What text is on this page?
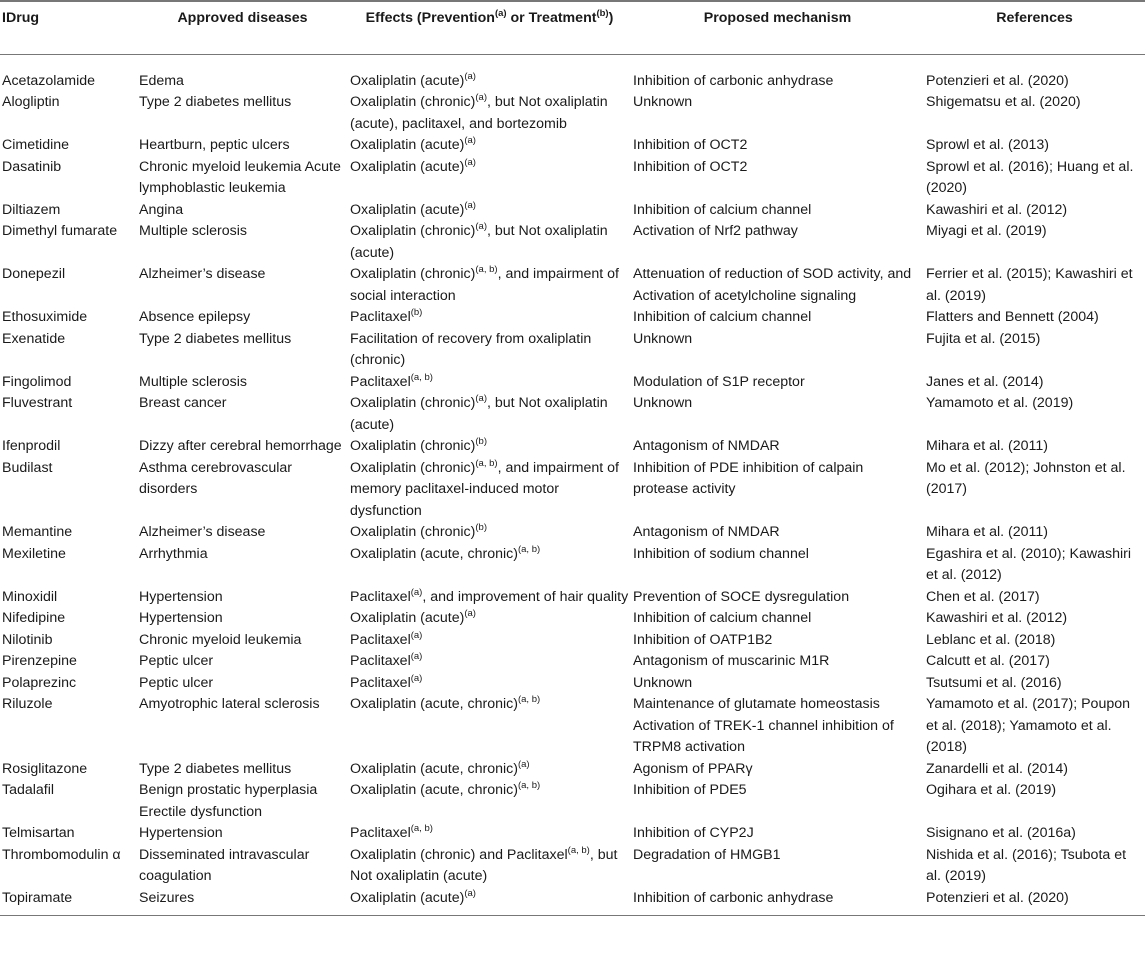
IDrug	Approved diseases	Effects (Prevention$^{(a)}$ or Treatment$^{(b)}$)	Proposed mechanism	References
Acetazolamide	Edema	Oxaliplatin (acute)$^{(a)}$	Inhibition of carbonic anhydrase	Potenzieri et al. (2020)
Alogliptin	Type 2 diabetes mellitus	Oxaliplatin (chronic)$^{(a)}$, but Not oxaliplatin (acute), paclitaxel, and bortezomib	Unknown	Shigematsu et al. (2020)
Cimetidine	Heartburn, peptic ulcers	Oxaliplatin (acute)$^{(a)}$	Inhibition of OCT2	Sprowl et al. (2013)
Dasatinib	Chronic myeloid leukemia Acute lymphoblastic leukemia	Oxaliplatin (acute)$^{(a)}$	Inhibition of OCT2	Sprowl et al. (2016); Huang et al. (2020)
Diltiazem	Angina	Oxaliplatin (acute)$^{(a)}$	Inhibition of calcium channel	Kawashiri et al. (2012)
Dimethyl fumarate	Multiple sclerosis	Oxaliplatin (chronic)$^{(a)}$, but Not oxaliplatin (acute)	Activation of Nrf2 pathway	Miyagi et al. (2019)
Donepezil	Alzheimer’s disease	Oxaliplatin (chronic)$^{(a, b)}$, and impairment of social interaction	Attenuation of reduction of SOD activity, and Activation of acetylcholine signaling	Ferrier et al. (2015); Kawashiri et al. (2019)
Ethosuximide	Absence epilepsy	Paclitaxel$^{(b)}$	Inhibition of calcium channel	Flatters and Bennett (2004)
Exenatide	Type 2 diabetes mellitus	Facilitation of recovery from oxaliplatin (chronic)	Unknown	Fujita et al. (2015)
Fingolimod	Multiple sclerosis	Paclitaxel$^{(a, b)}$	Modulation of S1P receptor	Janes et al. (2014)
Fluvestrant	Breast cancer	Oxaliplatin (chronic)$^{(a)}$, but Not oxaliplatin (acute)	Unknown	Yamamoto et al. (2019)
Ifenprodil	Dizzy after cerebral hemorrhage	Oxaliplatin (chronic)$^{(b)}$	Antagonism of NMDAR	Mihara et al. (2011)
Budilast	Asthma cerebrovascular disorders	Oxaliplatin (chronic)$^{(a, b)}$, and impairment of memory paclitaxel-induced motor dysfunction	Inhibition of PDE inhibition of calpain protease activity	Mo et al. (2012); Johnston et al. (2017)
Memantine	Alzheimer’s disease	Oxaliplatin (chronic)$^{(b)}$	Antagonism of NMDAR	Mihara et al. (2011)
Mexiletine	Arrhythmia	Oxaliplatin (acute, chronic)$^{(a, b)}$	Inhibition of sodium channel	Egashira et al. (2010); Kawashiri et al. (2012)
Minoxidil	Hypertension	Paclitaxel$^{(a)}$, and improvement of hair quality	Prevention of SOCE dysregulation	Chen et al. (2017)
Nifedipine	Hypertension	Oxaliplatin (acute)$^{(a)}$	Inhibition of calcium channel	Kawashiri et al. (2012)
Nilotinib	Chronic myeloid leukemia	Paclitaxel$^{(a)}$	Inhibition of OATP1B2	Leblanc et al. (2018)
Pirenzepine	Peptic ulcer	Paclitaxel$^{(a)}$	Antagonism of muscarinic M1R	Calcutt et al. (2017)
Polaprezinc	Peptic ulcer	Paclitaxel$^{(a)}$	Unknown	Tsutsumi et al. (2016)
Riluzole	Amyotrophic lateral sclerosis	Oxaliplatin (acute, chronic)$^{(a, b)}$	Maintenance of glutamate homeostasis Activation of TREK-1 channel inhibition of TRPM8 activation	Yamamoto et al. (2017); Poupon et al. (2018); Yamamoto et al. (2018)
Rosiglitazone	Type 2 diabetes mellitus	Oxaliplatin (acute, chronic)$^{(a)}$	Agonism of PPARγ	Zanardelli et al. (2014)
Tadalafil	Benign prostatic hyperplasia Erectile dysfunction	Oxaliplatin (acute, chronic)$^{(a, b)}$	Inhibition of PDE5	Ogihara et al. (2019)
Telmisartan	Hypertension	Paclitaxel$^{(a, b)}$	Inhibition of CYP2J	Sisignano et al. (2016a)
Thrombomodulin α	Disseminated intravascular coagulation	Oxaliplatin (chronic) and Paclitaxel$^{(a, b)}$, but Not oxaliplatin (acute)	Degradation of HMGB1	Nishida et al. (2016); Tsubota et al. (2019)
Topiramate	Seizures	Oxaliplatin (acute)$^{(a)}$	Inhibition of carbonic anhydrase	Potenzieri et al. (2020)
